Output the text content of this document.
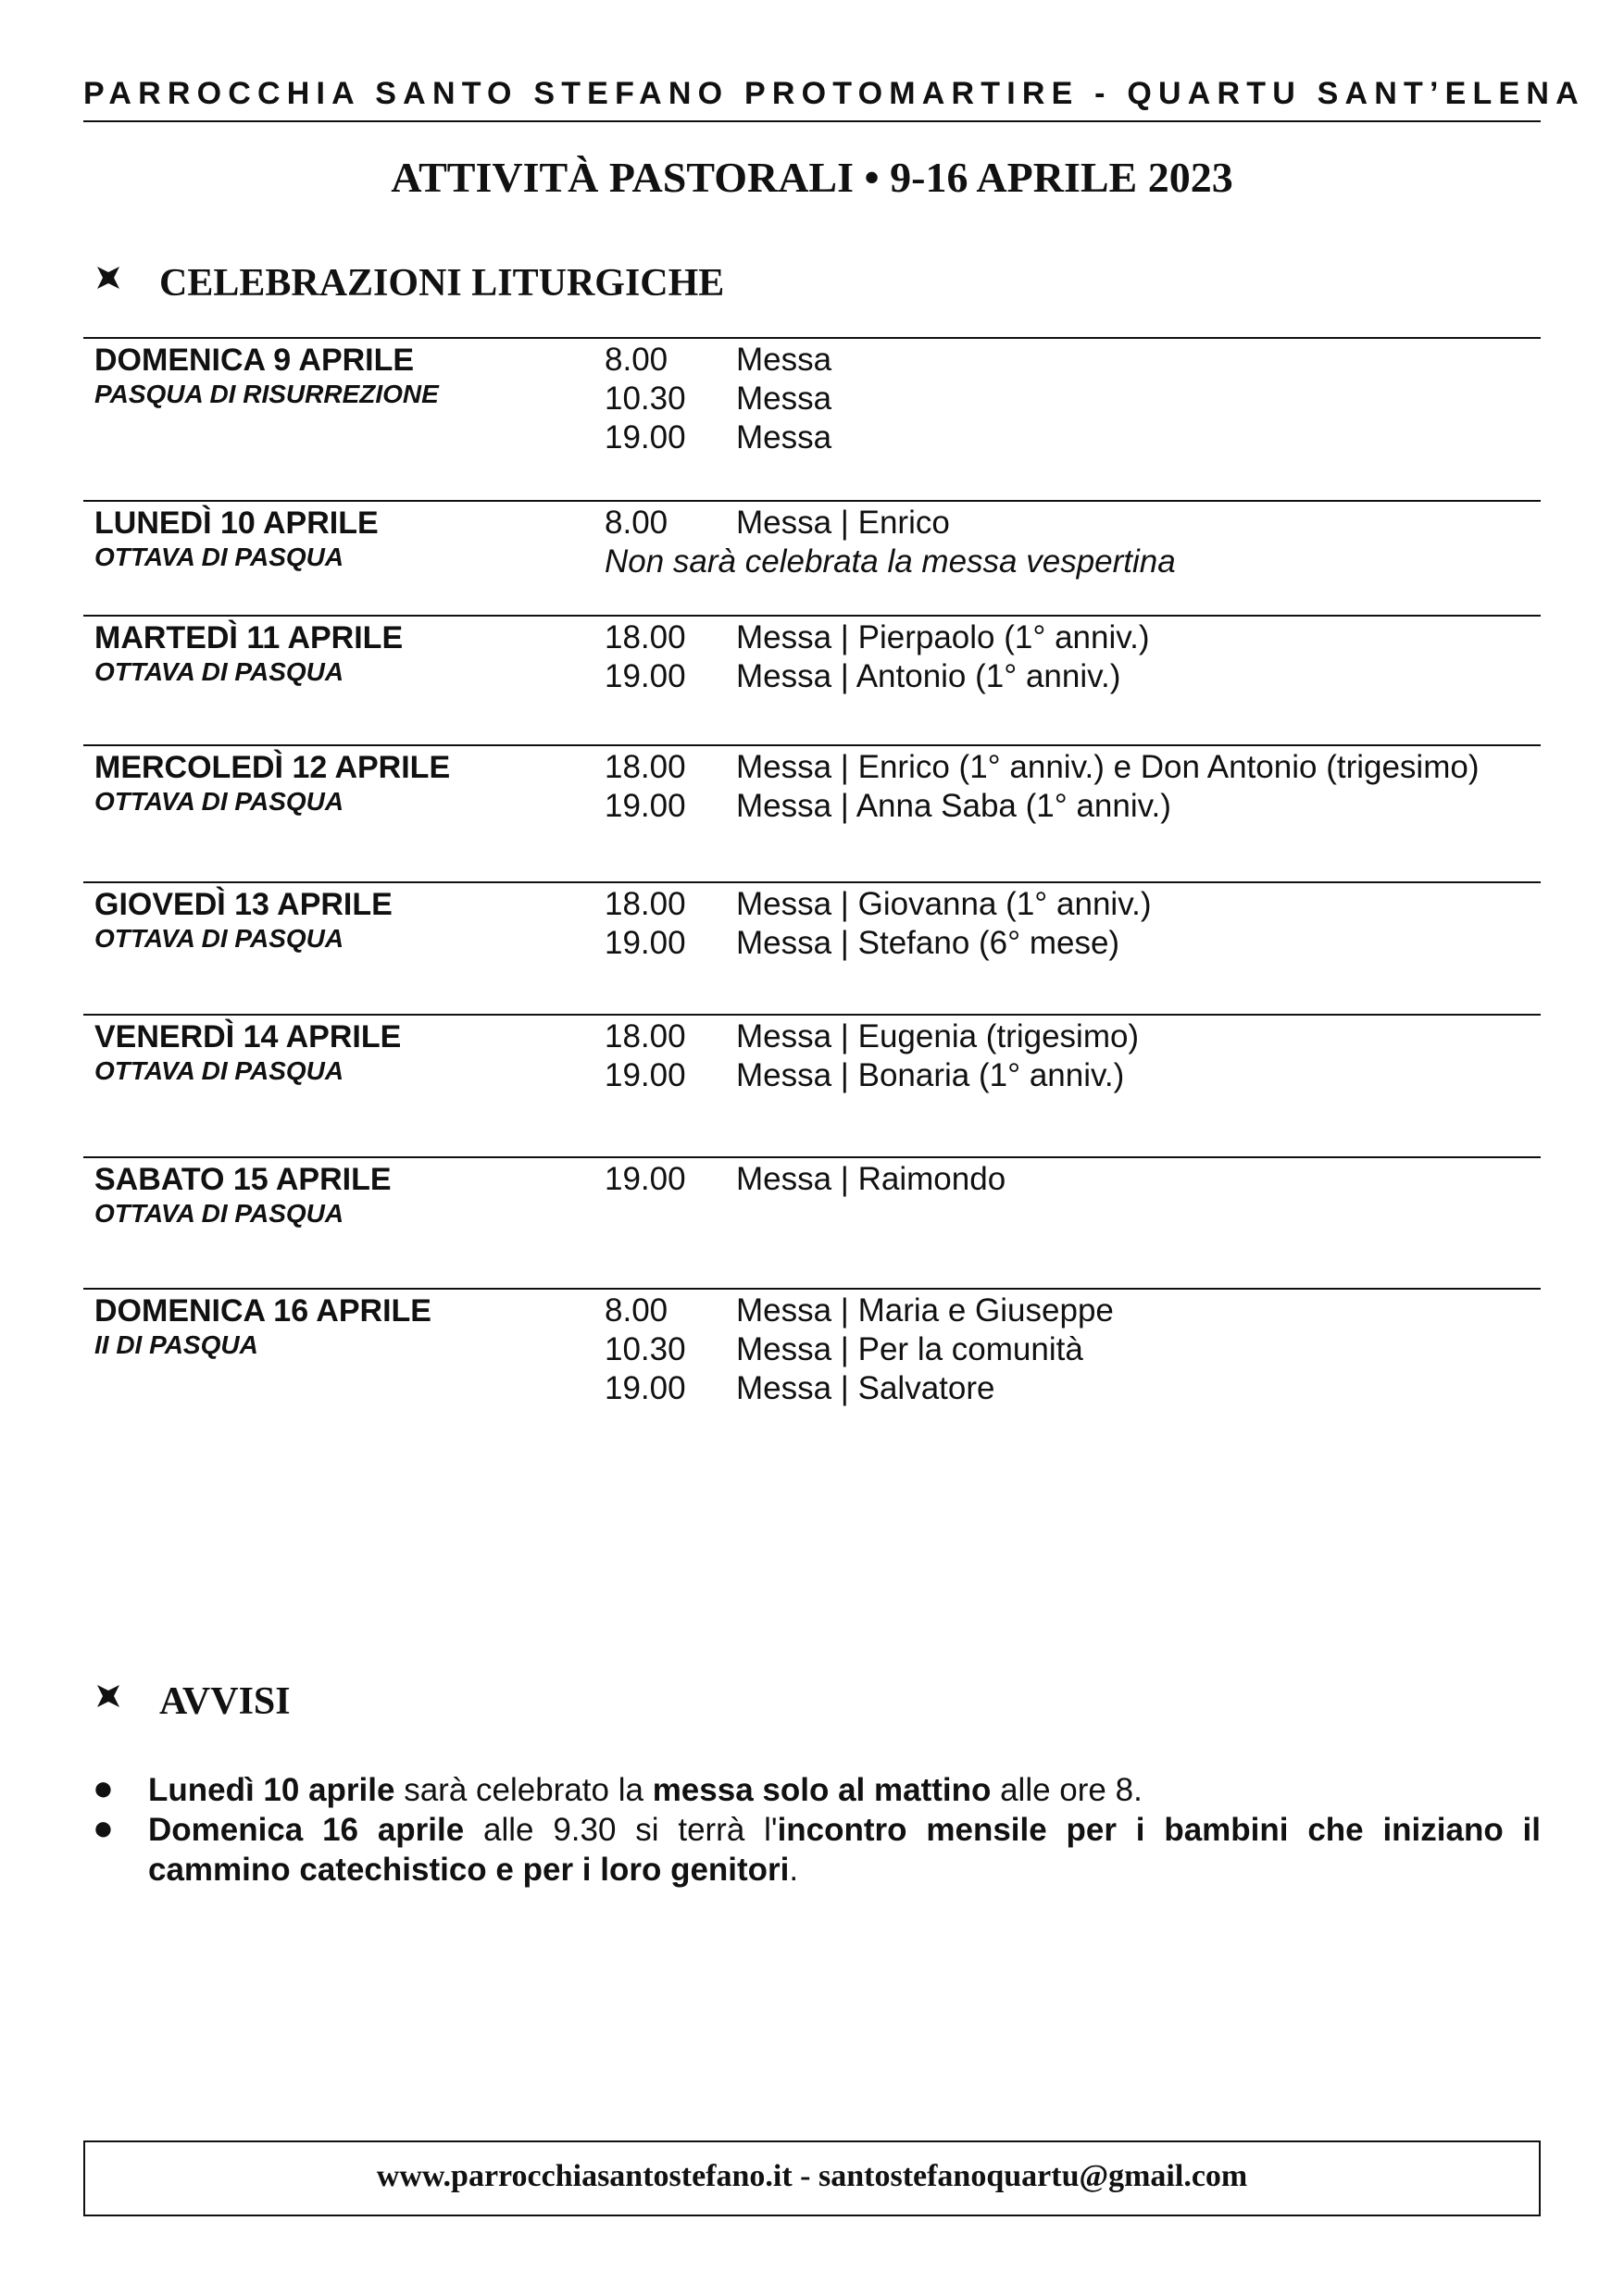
PARROCCHIA SANTO STEFANO PROTOMARTIRE - QUARTU SANT’ELENA
ATTIVITÀ PASTORALI • 9-16 APRILE 2023
CELEBRAZIONI LITURGICHE
DOMENICA 9 APRILE
PASQUA DI RISURREZIONE
8.00 Messa
10.30 Messa
19.00 Messa
LUNEDÌ 10 APRILE
OTTAVA DI PASQUA
8.00 Messa | Enrico
Non sarà celebrata la messa vespertina
MARTEDÌ 11 APRILE
OTTAVA DI PASQUA
18.00 Messa | Pierpaolo (1° anniv.)
19.00 Messa | Antonio (1° anniv.)
MERCOLEDÌ 12 APRILE
OTTAVA DI PASQUA
18.00 Messa | Enrico (1° anniv.) e Don Antonio (trigesimo)
19.00 Messa | Anna Saba (1° anniv.)
GIOVEDÌ 13 APRILE
OTTAVA DI PASQUA
18.00 Messa | Giovanna (1° anniv.)
19.00 Messa | Stefano (6° mese)
VENERDÌ 14 APRILE
OTTAVA DI PASQUA
18.00 Messa | Eugenia (trigesimo)
19.00 Messa | Bonaria (1° anniv.)
SABATO 15 APRILE
OTTAVA DI PASQUA
19.00 Messa | Raimondo
DOMENICA 16 APRILE
II DI PASQUA
8.00 Messa | Maria e Giuseppe
10.30 Messa | Per la comunità
19.00 Messa | Salvatore
AVVISI
● Lunedì 10 aprile sarà celebrato la messa solo al mattino alle ore 8.
● Domenica 16 aprile alle 9.30 si terrà l'incontro mensile per i bambini che iniziano il cammino catechistico e per i loro genitori.
www.parrocchiasantostefano.it - santostefanoquartu@gmail.com
